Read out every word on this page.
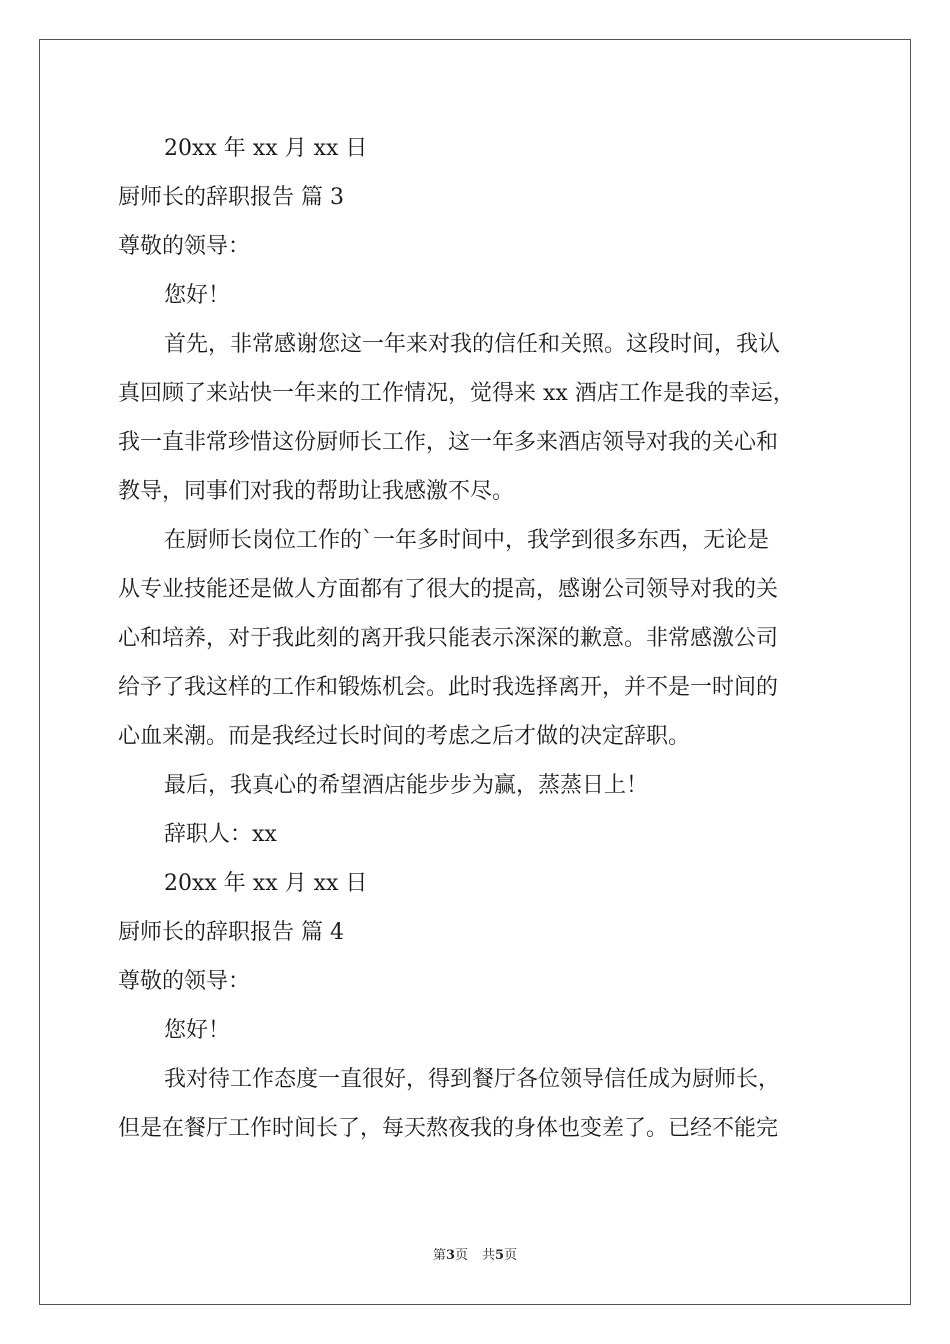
20xx 年 xx 月 xx 日
厨师长的辞职报告 篇 3
尊敬的领导：
您好！
首先，非常感谢您这一年来对我的信任和关照。这段时间，我认
真回顾了来站快一年来的工作情况，觉得来 xx 酒店工作是我的幸运，
我一直非常珍惜这份厨师长工作，这一年多来酒店领导对我的关心和
教导，同事们对我的帮助让我感激不尽。
在厨师长岗位工作的`一年多时间中，我学到很多东西，无论是
从专业技能还是做人方面都有了很大的提高，感谢公司领导对我的关
心和培养，对于我此刻的离开我只能表示深深的歉意。非常感激公司
给予了我这样的工作和锻炼机会。此时我选择离开，并不是一时间的
心血来潮。而是我经过长时间的考虑之后才做的决定辞职。
最后，我真心的希望酒店能步步为赢，蒸蒸日上！
辞职人：xx
20xx 年 xx 月 xx 日
厨师长的辞职报告 篇 4
尊敬的领导：
您好！
我对待工作态度一直很好，得到餐厅各位领导信任成为厨师长，
但是在餐厅工作时间长了，每天熬夜我的身体也变差了。已经不能完
第3页 共5页
